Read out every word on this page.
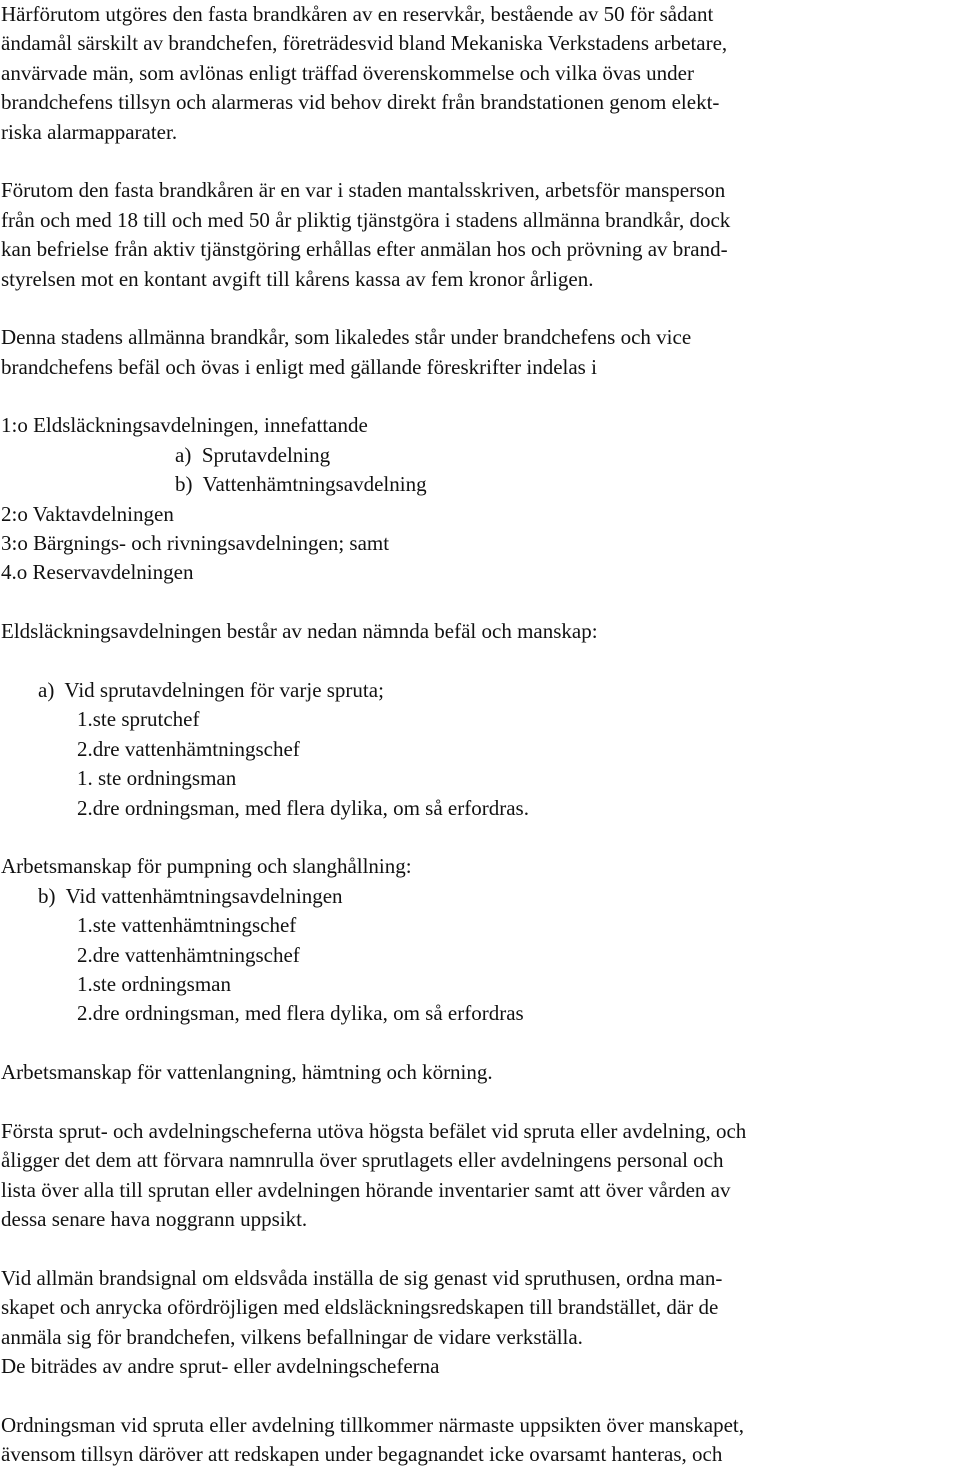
Härförutom utgöres den fasta brandkåren av en reservkår, bestående av 50 för sådant
ändamål särskilt av brandchefen, företrädesvid bland Mekaniska Verkstadens arbetare,
anvärvade män, som avlönas enligt träffad överenskommelse och vilka övas under
brandchefens tillsyn och alarmeras vid behov direkt från brandstationen genom elekt-
riska alarmapparater.
Förutom den fasta brandkåren är en var i staden mantalsskriven, arbetsför mansperson
från och med 18 till och med 50 år pliktig tjänstgöra i stadens allmänna brandkår, dock
kan befrielse från aktiv tjänstgöring erhållas efter anmälan hos och prövning av brand-
styrelsen mot en kontant avgift till kårens kassa av fem kronor årligen.
Denna stadens allmänna brandkår, som likaledes står under brandchefens och vice
brandchefens befäl och övas i enligt med gällande föreskrifter indelas i
1:o Eldsläckningsavdelningen, innefattande
a)  Sprutavdelning
b)  Vattenhämtningsavdelning
2:o Vaktavdelningen
3:o Bärgnings- och rivningsavdelningen; samt
4.o Reservavdelningen
Eldsläckningsavdelningen består av nedan nämnda befäl och manskap:
a)  Vid sprutavdelningen för varje spruta;
1.ste sprutchef
2.dre vattenhämtningschef
1. ste ordningsman
2.dre ordningsman, med flera dylika, om så erfordras.
Arbetsmanskap för pumpning och slanghållning:
b)  Vid vattenhämtningsavdelningen
1.ste vattenhämtningschef
2.dre vattenhämtningschef
1.ste ordningsman
2.dre ordningsman, med flera dylika, om så erfordras
Arbetsmanskap för vattenlangning, hämtning och körning.
Första sprut- och avdelningscheferna utöva högsta befälet vid spruta eller avdelning, och
åligger det dem att förvara namnrulla över sprutlagets eller avdelningens personal och
lista över alla till sprutan eller avdelningen hörande inventarier samt att över vården av
dessa senare hava noggrann uppsikt.
Vid allmän brandsignal om eldsvåda inställa de sig genast vid spruthusen, ordna man-
skapet och anrycka ofördröjligen med eldsläckningsredskapen till brandstället, där de
anmäla sig för brandchefen, vilkens befallningar de vidare verkställa.
De biträdes av andre sprut- eller avdelningscheferna
Ordningsman vid spruta eller avdelning tillkommer närmaste uppsikten över manskapet,
ävensom tillsyn däröver att redskapen under begagnandet icke ovarsamt hanteras, och
